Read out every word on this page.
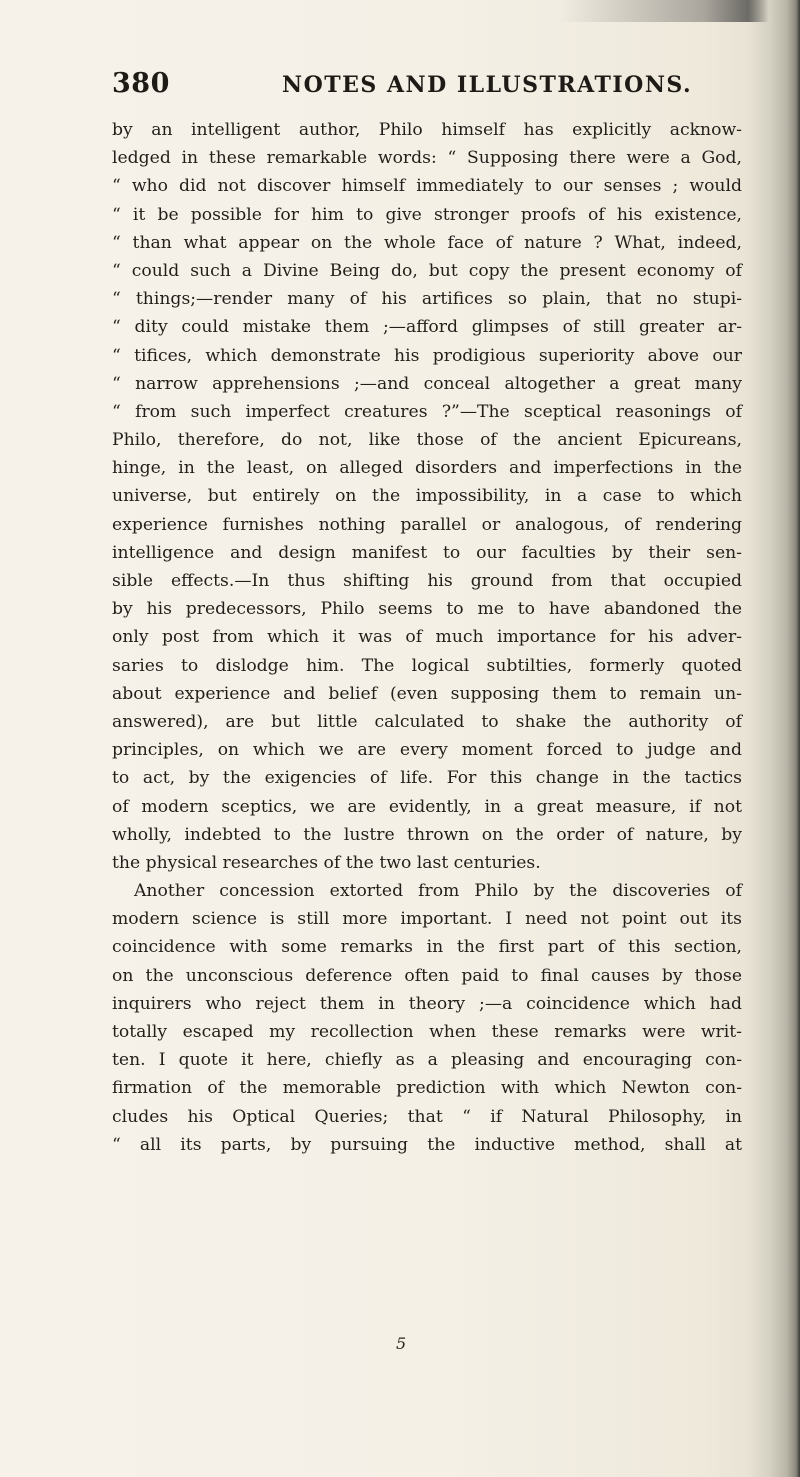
380	NOTES AND ILLUSTRATIONS.
by an intelligent author, Philo himself has explicitly acknow-
ledged in these remarkable words: “ Supposing there were a God,
“ who did not discover himself immediately to our senses ; would
“ it be possible for him to give stronger proofs of his existence,
“ than what appear on the whole face of nature ? What, indeed,
“ could such a Divine Being do, but copy the present economy of
“ things;—render many of his artifices so plain, that no stupi-
“ dity could mistake them ;—afford glimpses of still greater ar-
“ tifices, which demonstrate his prodigious superiority above our
“ narrow apprehensions ;—and conceal altogether a great many
“ from such imperfect creatures ?”—The sceptical reasonings of
Philo, therefore, do not, like those of the ancient Epicureans,
hinge, in the least, on alleged disorders and imperfections in the
universe, but entirely on the impossibility, in a case to which
experience furnishes nothing parallel or analogous, of rendering
intelligence and design manifest to our faculties by their sen-
sible effects.—In thus shifting his ground from that occupied
by his predecessors, Philo seems to me to have abandoned the
only post from which it was of much importance for his adver-
saries to dislodge him. The logical subtilties, formerly quoted
about experience and belief (even supposing them to remain un-
answered), are but little calculated to shake the authority of
principles, on which we are every moment forced to judge and
to act, by the exigencies of life. For this change in the tactics
of modern sceptics, we are evidently, in a great measure, if not
wholly, indebted to the lustre thrown on the order of nature, by
the physical researches of the two last centuries.
Another concession extorted from Philo by the discoveries of
modern science is still more important. I need not point out its
coincidence with some remarks in the first part of this section,
on the unconscious deference often paid to final causes by those
inquirers who reject them in theory ;—a coincidence which had
totally escaped my recollection when these remarks were writ-
ten. I quote it here, chiefly as a pleasing and encouraging con-
firmation of the memorable prediction with which Newton con-
cludes his Optical Queries; that “ if Natural Philosophy, in
“ all its parts, by pursuing the inductive method, shall at
5
